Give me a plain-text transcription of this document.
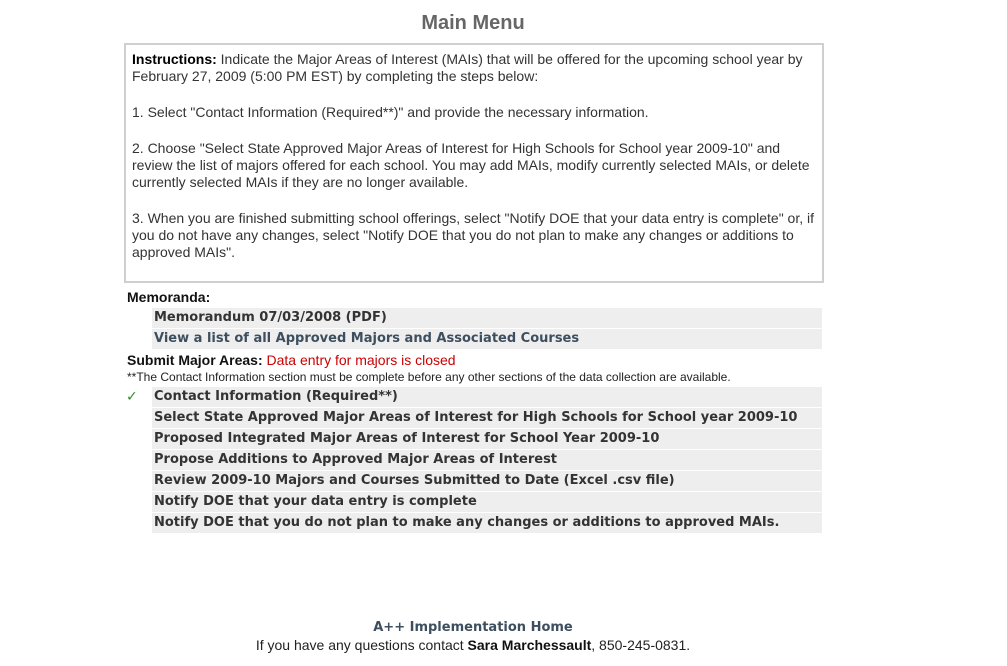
Main Menu

Instructions: Indicate the Major Areas of Interest (MAIs) that will be offered for the upcoming school year by February 27, 2009 (5:00 PM EST) by completing the steps below:

1. Select "Contact Information (Required**)" and provide the necessary information.

2. Choose "Select State Approved Major Areas of Interest for High Schools for School year 2009-10" and review the list of majors offered for each school. You may add MAIs, modify currently selected MAIs, or delete currently selected MAIs if they are no longer available.

3. When you are finished submitting school offerings, select "Notify DOE that your data entry is complete" or, if you do not have any changes, select "Notify DOE that you do not plan to make any changes or additions to approved MAIs".

Memoranda:
Memorandum 07/03/2008 (PDF)
View a list of all Approved Majors and Associated Courses
Submit Major Areas: Data entry for majors is closed
**The Contact Information section must be complete before any other sections of the data collection are available.
✓ Contact Information (Required**)
Select State Approved Major Areas of Interest for High Schools for School year 2009-10
Proposed Integrated Major Areas of Interest for School Year 2009-10
Propose Additions to Approved Major Areas of Interest
Review 2009-10 Majors and Courses Submitted to Date (Excel .csv file)
Notify DOE that your data entry is complete
Notify DOE that you do not plan to make any changes or additions to approved MAIs.
A++ Implementation Home
If you have any questions contact Sara Marchessault, 850-245-0831.
